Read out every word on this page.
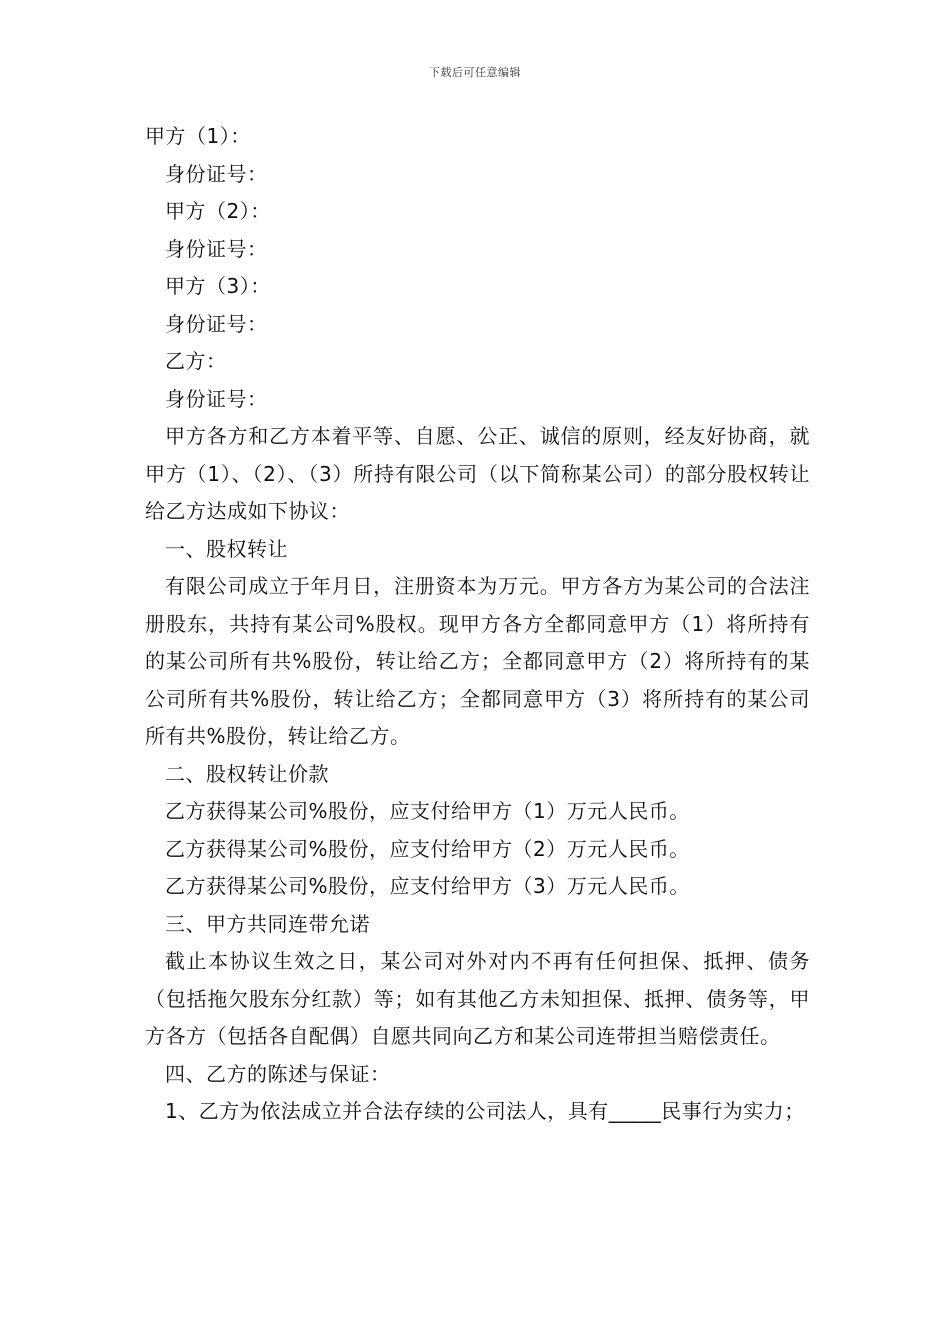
下载后可任意编辑

甲方（1）：

身份证号：

甲方（2）：

身份证号：

甲方（3）：

身份证号：

乙方：

身份证号：

甲方各方和乙方本着平等、自愿、公正、诚信的原则，经友好协商，就甲方（1）、（2）、（3）所持有限公司（以下简称某公司）的部分股权转让给乙方达成如下协议：

一、股权转让

有限公司成立于年月日，注册资本为万元。甲方各方为某公司的合法注册股东，共持有某公司%股权。现甲方各方全都同意甲方（1）将所持有的某公司所有共%股份，转让给乙方；全都同意甲方（2）将所持有的某公司所有共%股份，转让给乙方；全都同意甲方（3）将所持有的某公司所有共%股份，转让给乙方。

二、股权转让价款

乙方获得某公司%股份，应支付给甲方（1）万元人民币。

乙方获得某公司%股份，应支付给甲方（2）万元人民币。

乙方获得某公司%股份，应支付给甲方（3）万元人民币。

三、甲方共同连带允诺

截止本协议生效之日，某公司对外对内不再有任何担保、抵押、债务（包括拖欠股东分红款）等；如有其他乙方未知担保、抵押、债务等，甲方各方（包括各自配偶）自愿共同向乙方和某公司连带担当赔偿责任。

四、乙方的陈述与保证：

1、乙方为依法成立并合法存续的公司法人，具有_____民事行为实力；
